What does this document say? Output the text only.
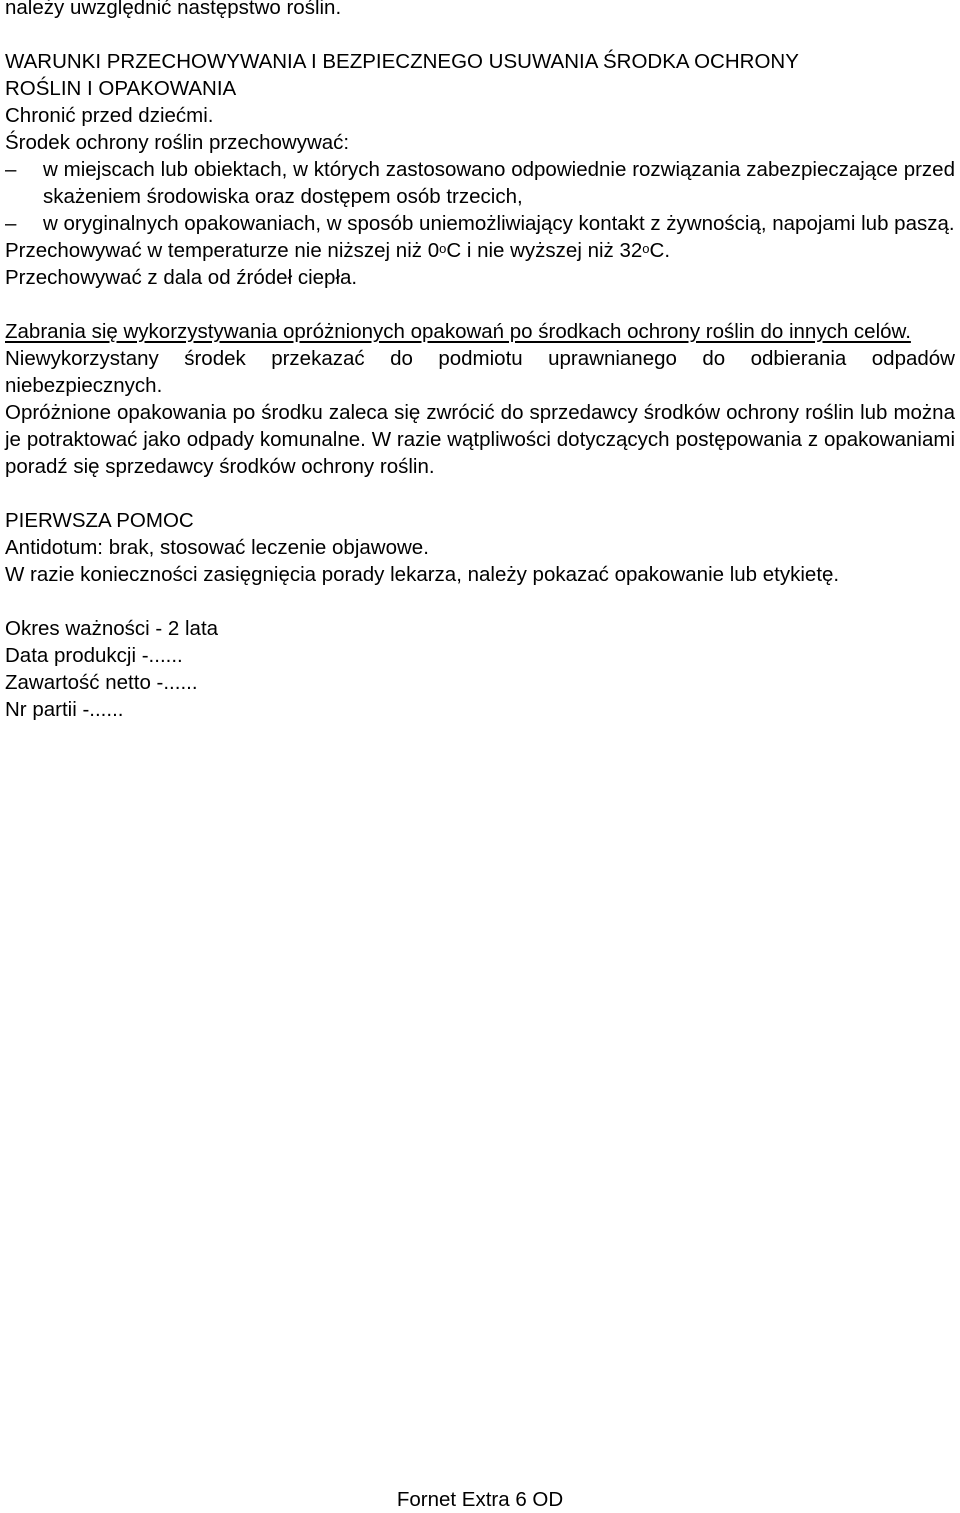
należy uwzględnić następstwo roślin.

WARUNKI PRZECHOWYWANIA I BEZPIECZNEGO USUWANIA ŚRODKA OCHRONY

ROŚLIN I OPAKOWANIA

Chronić przed dziećmi.

Środek ochrony roślin przechowywać:

–	w miejscach lub obiektach, w których zastosowano odpowiednie rozwiązania zabezpieczające przed skażeniem środowiska oraz dostępem osób trzecich,
–	w oryginalnych opakowaniach, w sposób uniemożliwiający kontakt z żywnością, napojami lub paszą.

Przechowywać w temperaturze nie niższej niż 0$^o$C i nie wyższej niż 32$^o$C.

Przechowywać z dala od źródeł ciepła.

Zabrania się wykorzystywania opróżnionych opakowań po środkach ochrony roślin do innych celów.

Niewykorzystany środek przekazać do podmiotu uprawnianego do odbierania odpadów niebezpiecznych.

Opróżnione opakowania po środku zaleca się zwrócić do sprzedawcy środków ochrony roślin lub można je potraktować jako odpady komunalne. W razie wątpliwości dotyczących postępowania z opakowaniami poradź się sprzedawcy środków ochrony roślin.

PIERWSZA POMOC

Antidotum: brak, stosować leczenie objawowe.

W razie konieczności zasięgnięcia porady lekarza, należy pokazać opakowanie lub etykietę.

Okres ważności - 2 lata

Data produkcji -......

Zawartość netto -......

Nr partii -......

Fornet Extra 6 OD
